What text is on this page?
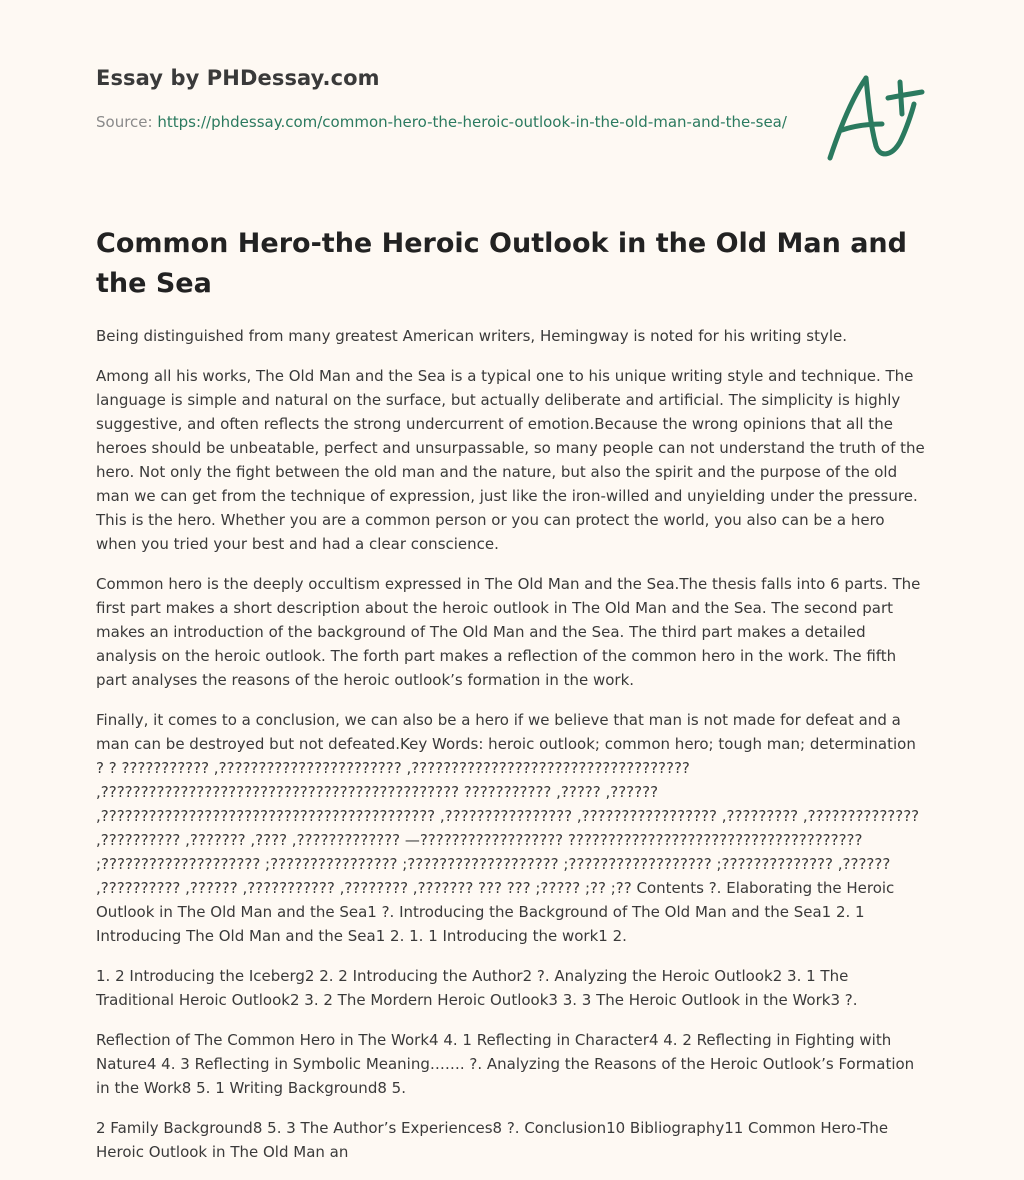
Essay by PHDessay.com
Source: https://phdessay.com/common-hero-the-heroic-outlook-in-the-old-man-and-the-sea/
Common Hero-the Heroic Outlook in the Old Man and the Sea

Being distinguished from many greatest American writers, Hemingway is noted for his writing style.

Among all his works, The Old Man and the Sea is a typical one to his unique writing style and technique. The language is simple and natural on the surface, but actually deliberate and artificial. The simplicity is highly suggestive, and often reflects the strong undercurrent of emotion.Because the wrong opinions that all the heroes should be unbeatable, perfect and unsurpassable, so many people can not understand the truth of the hero. Not only the fight between the old man and the nature, but also the spirit and the purpose of the old man we can get from the technique of expression, just like the iron-willed and unyielding under the pressure. This is the hero. Whether you are a common person or you can protect the world, you also can be a hero when you tried your best and had a clear conscience.

Common hero is the deeply occultism expressed in The Old Man and the Sea.The thesis falls into 6 parts. The first part makes a short description about the heroic outlook in The Old Man and the Sea. The second part makes an introduction of the background of The Old Man and the Sea. The third part makes a detailed analysis on the heroic outlook. The forth part makes a reflection of the common hero in the work. The fifth part analyses the reasons of the heroic outlook’s formation in the work.

Finally, it comes to a conclusion, we can also be a hero if we believe that man is not made for defeat and a man can be destroyed but not defeated.Key Words: heroic outlook; common hero; tough man; determination ? ? ??????????? ,??????????????????????? ,??????????????????????????????????? ,????????????????????????????????????????????? ??????????? ,????? ,?????? ,?????????????????????????????????????????? ,???????????????? ,????????????????? ,????????? ,?????????????? ,?????????? ,??????? ,???? ,????????????? —?????????????????? ????????????????????????????????????? ;???????????????????? ;???????????????? ;??????????????????? ;?????????????????? ;?????????????? ,?????? ,?????????? ,?????? ,??????????? ,???????? ,??????? ??? ??? ;????? ;?? ;?? Contents ?. Elaborating the Heroic Outlook in The Old Man and the Sea1 ?. Introducing the Background of The Old Man and the Sea1 2. 1 Introducing The Old Man and the Sea1 2. 1. 1 Introducing the work1 2.

1. 2 Introducing the Iceberg2 2. 2 Introducing the Author2 ?. Analyzing the Heroic Outlook2 3. 1 The Traditional Heroic Outlook2 3. 2 The Mordern Heroic Outlook3 3. 3 The Heroic Outlook in the Work3 ?.

Reflection of The Common Hero in The Work4 4. 1 Reflecting in Character4 4. 2 Reflecting in Fighting with Nature4 4. 3 Reflecting in Symbolic Meaning……. ?. Analyzing the Reasons of the Heroic Outlook’s Formation in the Work8 5. 1 Writing Background8 5.

2 Family Background8 5. 3 The Author’s Experiences8 ?. Conclusion10 Bibliography11 Common Hero-The Heroic Outlook in The Old Man an
